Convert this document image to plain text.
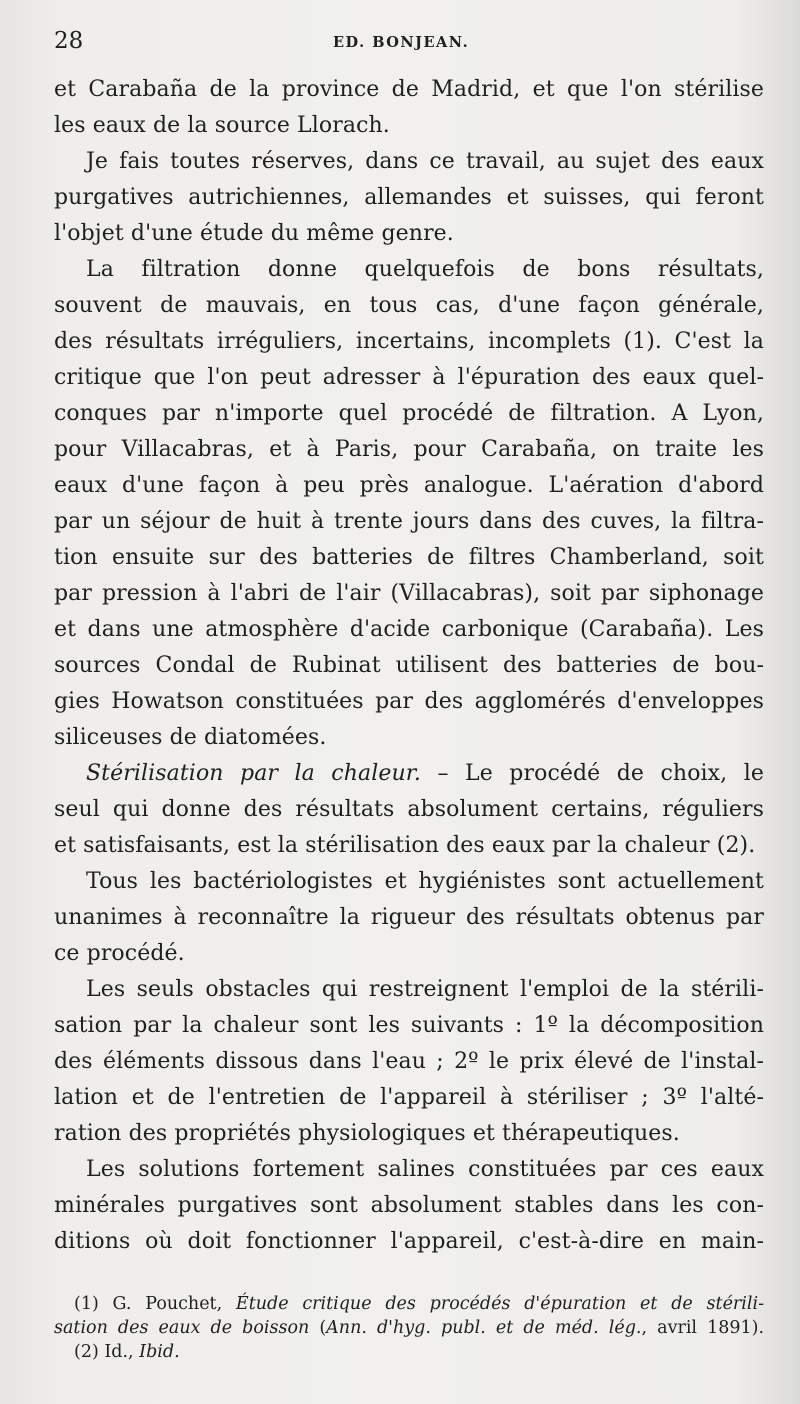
28	ED. BONJEAN.
et Carabaña de la province de Madrid, et que l'on stérilise
les eaux de la source Llorach.
Je fais toutes réserves, dans ce travail, au sujet des eaux
purgatives autrichiennes, allemandes et suisses, qui feront
l'objet d'une étude du même genre.
La filtration donne quelquefois de bons résultats,
souvent de mauvais, en tous cas, d'une façon générale,
des résultats irréguliers, incertains, incomplets (1). C'est la
critique que l'on peut adresser à l'épuration des eaux quel-
conques par n'importe quel procédé de filtration. A Lyon,
pour Villacabras, et à Paris, pour Carabaña, on traite les
eaux d'une façon à peu près analogue. L'aération d'abord
par un séjour de huit à trente jours dans des cuves, la filtra-
tion ensuite sur des batteries de filtres Chamberland, soit
par pression à l'abri de l'air (Villacabras), soit par siphonage
et dans une atmosphère d'acide carbonique (Carabaña). Les
sources Condal de Rubinat utilisent des batteries de bou-
gies Howatson constituées par des agglomérés d'enveloppes
siliceuses de diatomées.
Stérilisation par la chaleur. – Le procédé de choix, le
seul qui donne des résultats absolument certains, réguliers
et satisfaisants, est la stérilisation des eaux par la chaleur (2).
Tous les bactériologistes et hygiénistes sont actuellement
unanimes à reconnaître la rigueur des résultats obtenus par
ce procédé.
Les seuls obstacles qui restreignent l'emploi de la stérili-
sation par la chaleur sont les suivants : 1º la décomposition
des éléments dissous dans l'eau ; 2º le prix élevé de l'instal-
lation et de l'entretien de l'appareil à stériliser ; 3º l'alté-
ration des propriétés physiologiques et thérapeutiques.
Les solutions fortement salines constituées par ces eaux
minérales purgatives sont absolument stables dans les con-
ditions où doit fonctionner l'appareil, c'est-à-dire en main-
(1) G. Pouchet, Étude critique des procédés d'épuration et de stérili-
sation des eaux de boisson (Ann. d'hyg. publ. et de méd. lég., avril 1891).
(2) Id., Ibid.
